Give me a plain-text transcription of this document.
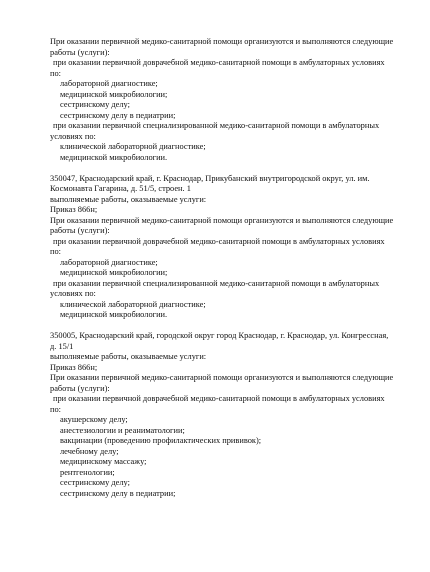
При оказании первичной медико-санитарной помощи организуются и выполняются следующие
работы (услуги):
при оказании первичной доврачебной медико-санитарной помощи в амбулаторных условиях
по:
лабораторной диагностике;
медицинской микробиологии;
сестринскому делу;
сестринскому делу в педиатрии;
при оказании первичной специализированной медико-санитарной помощи в амбулаторных
условиях по:
клинической лабораторной диагностике;
медицинской микробиологии.
350047, Краснодарский край, г. Краснодар, Прикубанский внутригородской округ, ул. им.
Космонавта Гагарина, д. 51/5, строен. 1
выполняемые работы, оказываемые услуги:
Приказ 866н;
При оказании первичной медико-санитарной помощи организуются и выполняются следующие
работы (услуги):
при оказании первичной доврачебной медико-санитарной помощи в амбулаторных условиях
по:
лабораторной диагностике;
медицинской микробиологии;
при оказании первичной специализированной медико-санитарной помощи в амбулаторных
условиях по:
клинической лабораторной диагностике;
медицинской микробиологии.
350005, Краснодарский край, городской округ город Краснодар, г. Краснодар, ул. Конгрессная,
д. 15/1
выполняемые работы, оказываемые услуги:
Приказ 866н;
При оказании первичной медико-санитарной помощи организуются и выполняются следующие
работы (услуги):
при оказании первичной доврачебной медико-санитарной помощи в амбулаторных условиях
по:
акушерскому делу;
анестезиологии и реаниматологии;
вакцинации (проведению профилактических прививок);
лечебному делу;
медицинскому массажу;
рентгенологии;
сестринскому делу;
сестринскому делу в педиатрии;
